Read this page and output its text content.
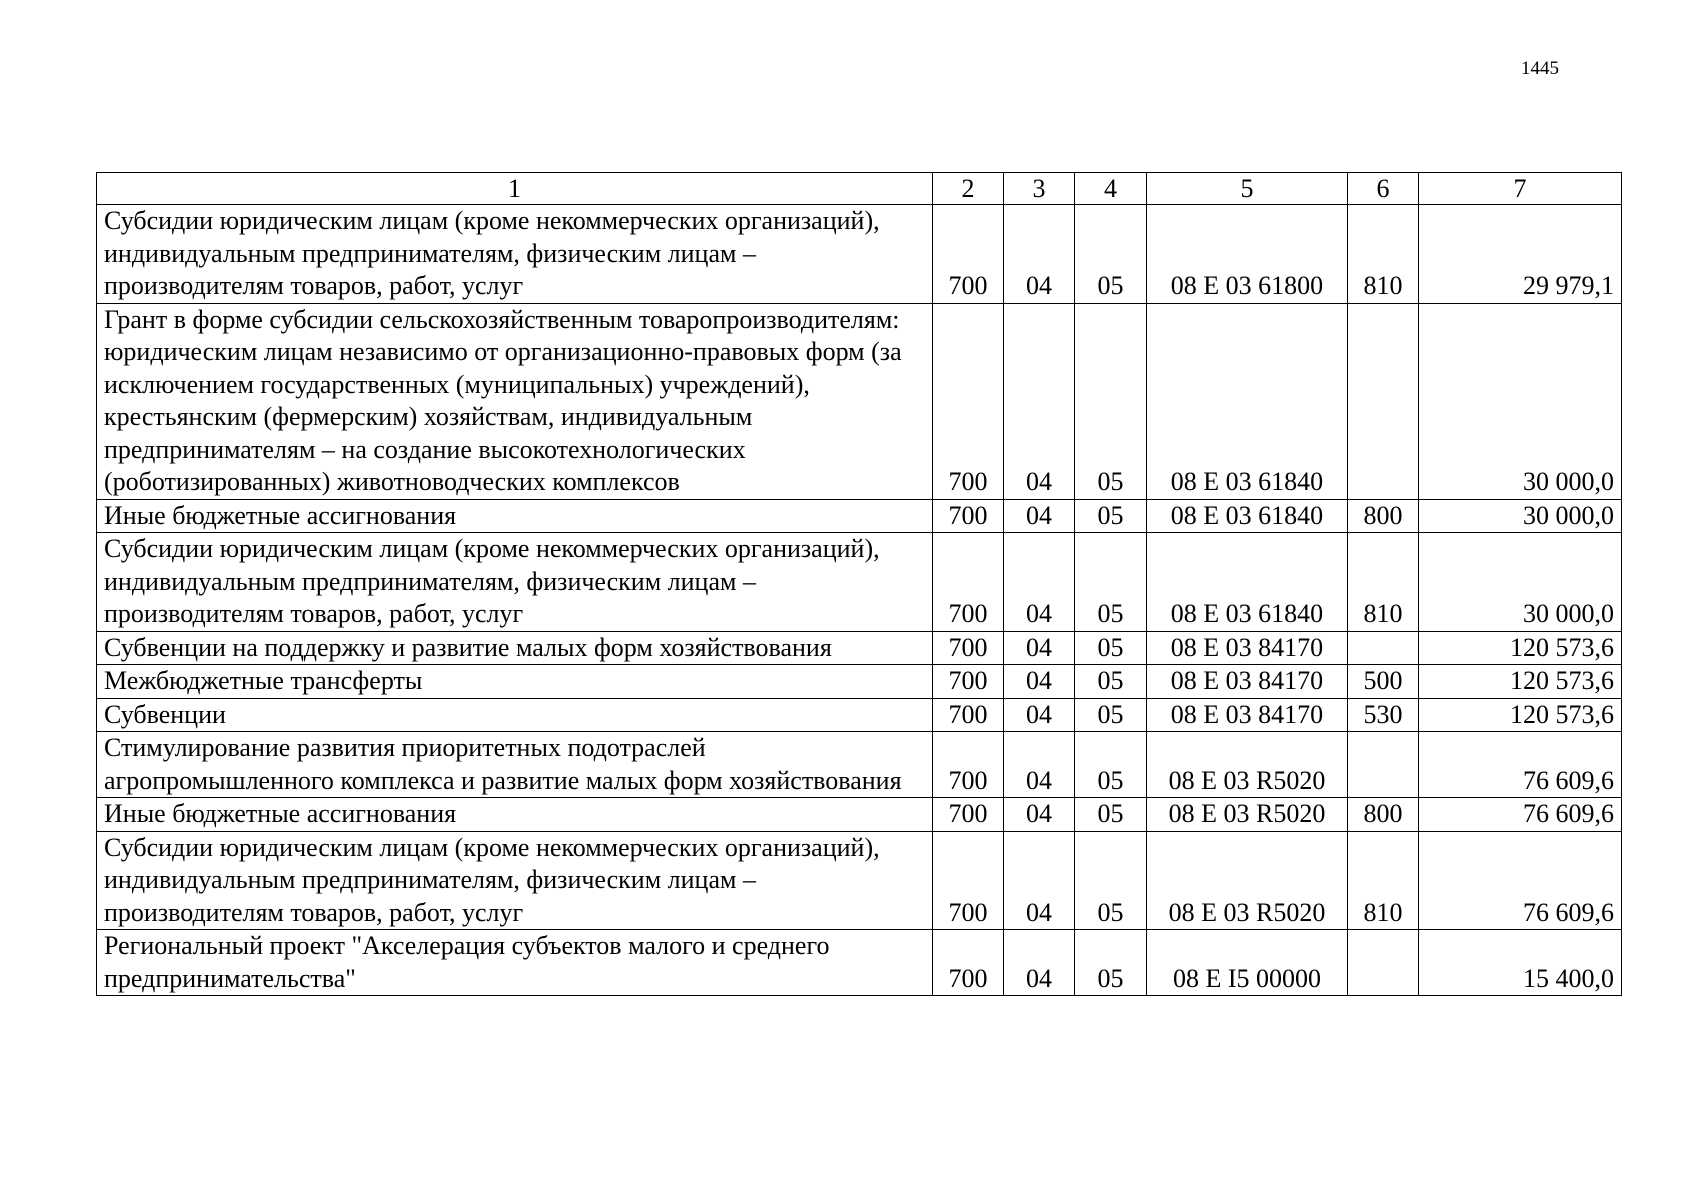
1445
1	2	3	4	5	6	7
Субсидии юридическим лицам (кроме некоммерческих организаций), индивидуальным предпринимателям, физическим лицам – производителям товаров, работ, услуг	700	04	05	08 Е 03 61800	810	29 979,1
Грант в форме субсидии сельскохозяйственным товаропроизводителям: юридическим лицам независимо от организационно-правовых форм (за исключением государственных (муниципальных) учреждений), крестьянским (фермерским) хозяйствам, индивидуальным предпринимателям – на создание высокотехнологических (роботизированных) животноводческих комплексов	700	04	05	08 Е 03 61840		30 000,0
Иные бюджетные ассигнования	700	04	05	08 Е 03 61840	800	30 000,0
Субсидии юридическим лицам (кроме некоммерческих организаций), индивидуальным предпринимателям, физическим лицам – производителям товаров, работ, услуг	700	04	05	08 Е 03 61840	810	30 000,0
Субвенции на поддержку и развитие малых форм хозяйствования	700	04	05	08 Е 03 84170		120 573,6
Межбюджетные трансферты	700	04	05	08 Е 03 84170	500	120 573,6
Субвенции	700	04	05	08 Е 03 84170	530	120 573,6
Стимулирование развития приоритетных подотраслей агропромышленного комплекса и развитие малых форм хозяйствования	700	04	05	08 Е 03 R5020		76 609,6
Иные бюджетные ассигнования	700	04	05	08 Е 03 R5020	800	76 609,6
Субсидии юридическим лицам (кроме некоммерческих организаций), индивидуальным предпринимателям, физическим лицам – производителям товаров, работ, услуг	700	04	05	08 Е 03 R5020	810	76 609,6
Региональный проект "Акселерация субъектов малого и среднего предпринимательства"	700	04	05	08 Е I5 00000		15 400,0
